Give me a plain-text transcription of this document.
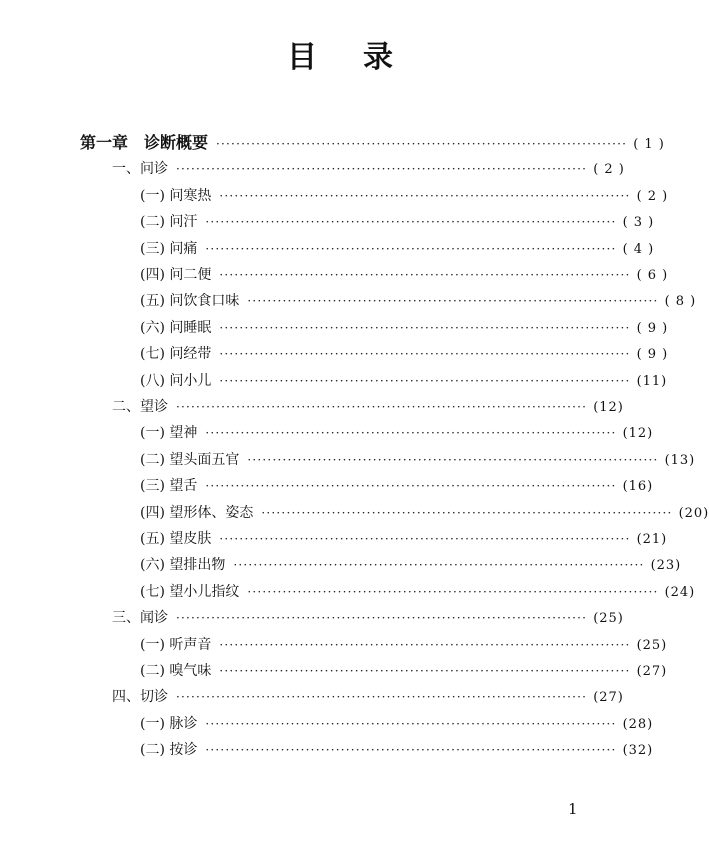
目 录
第一章　诊断概要 ·················································································· ( 1 )
一、问诊 ·················································································· ( 2 )
(一) 问寒热 ·················································································· ( 2 )
(二) 问汗 ·················································································· ( 3 )
(三) 问痛 ·················································································· ( 4 )
(四) 问二便 ·················································································· ( 6 )
(五) 问饮食口味 ·················································································· ( 8 )
(六) 问睡眠 ·················································································· ( 9 )
(七) 问经带 ·················································································· ( 9 )
(八) 问小儿 ·················································································· (11)
二、望诊 ·················································································· (12)
(一) 望神 ·················································································· (12)
(二) 望头面五官 ·················································································· (13)
(三) 望舌 ·················································································· (16)
(四) 望形体、姿态 ·················································································· (20)
(五) 望皮肤 ·················································································· (21)
(六) 望排出物 ·················································································· (23)
(七) 望小儿指纹 ·················································································· (24)
三、闻诊 ·················································································· (25)
(一) 听声音 ·················································································· (25)
(二) 嗅气味 ·················································································· (27)
四、切诊 ·················································································· (27)
(一) 脉诊 ·················································································· (28)
(二) 按诊 ·················································································· (32)
1
